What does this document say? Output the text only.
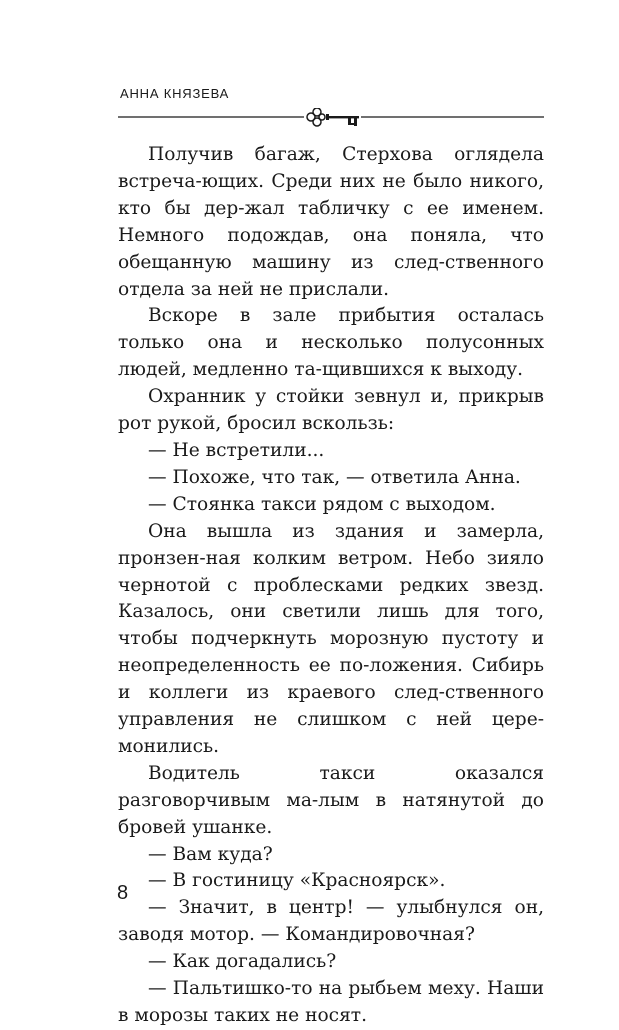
АННА КНЯЗЕВА

Получив багаж, Стерхова оглядела встреча-ющих. Среди них не было никого, кто бы дер-жал табличку с ее именем. Немного подождав, она поняла, что обещанную машину из след-ственного отдела за ней не прислали.

Вскоре в зале прибытия осталась только она и несколько полусонных людей, медленно та-щившихся к выходу.

Охранник у стойки зевнул и, прикрыв рот рукой, бросил вскользь:

— Не встретили...

— Похоже, что так, — ответила Анна.

— Стоянка такси рядом с выходом.

Она вышла из здания и замерла, пронзен-ная колким ветром. Небо зияло чернотой с проблесками редких звезд. Казалось, они светили лишь для того, чтобы подчеркнуть морозную пустоту и неопределенность ее по-ложения. Сибирь и коллеги из краевого след-ственного управления не слишком с ней цере-монились.

Водитель такси оказался разговорчивым ма-лым в натянутой до бровей ушанке.

— Вам куда?

— В гостиницу «Красноярск».

— Значит, в центр! — улыбнулся он, заводя мотор. — Командировочная?

— Как догадались?

— Пальтишко-то на рыбьем меху. Наши в морозы таких не носят.

8
